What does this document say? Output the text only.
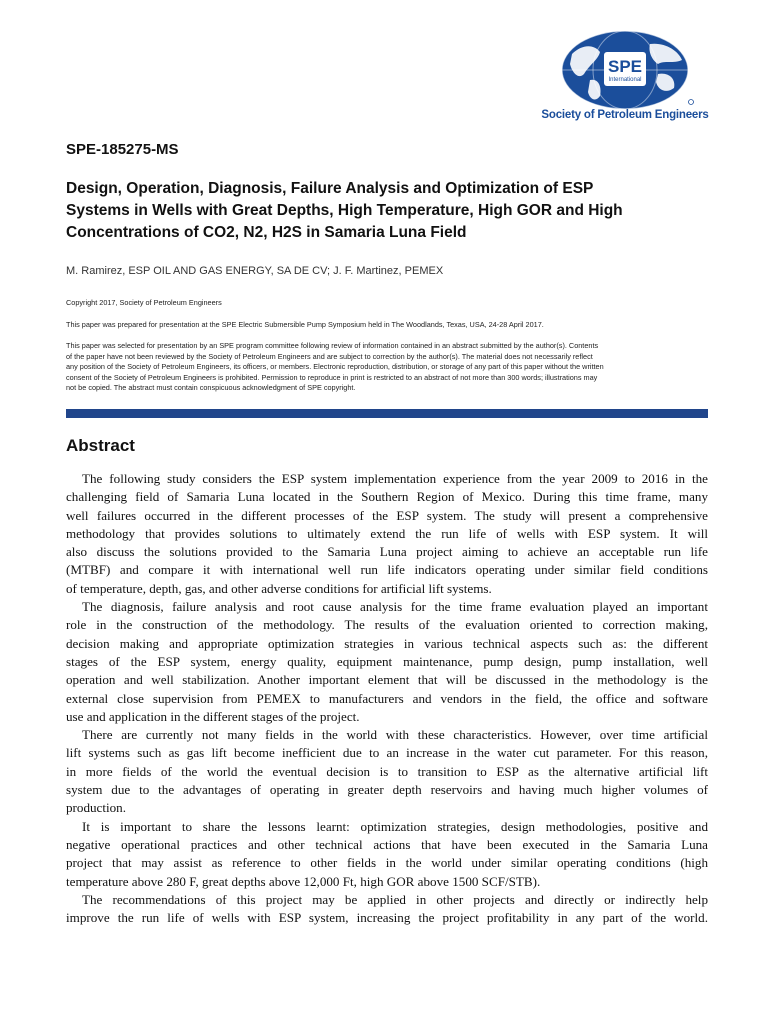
SPE
International
Society of Petroleum Engineers
SPE-185275-MS
Design, Operation, Diagnosis, Failure Analysis and Optimization of ESP
Systems in Wells with Great Depths, High Temperature, High GOR and High
Concentrations of CO2, N2, H2S in Samaria Luna Field
M. Ramirez, ESP OIL AND GAS ENERGY, SA DE CV; J. F. Martinez, PEMEX
Copyright 2017, Society of Petroleum Engineers
This paper was prepared for presentation at the SPE Electric Submersible Pump Symposium held in The Woodlands, Texas, USA, 24-28 April 2017.
This paper was selected for presentation by an SPE program committee following review of information contained in an abstract submitted by the author(s). Contents
of the paper have not been reviewed by the Society of Petroleum Engineers and are subject to correction by the author(s). The material does not necessarily reflect
any position of the Society of Petroleum Engineers, its officers, or members. Electronic reproduction, distribution, or storage of any part of this paper without the written
consent of the Society of Petroleum Engineers is prohibited. Permission to reproduce in print is restricted to an abstract of not more than 300 words; illustrations may
not be copied. The abstract must contain conspicuous acknowledgment of SPE copyright.
Abstract
The following study considers the ESP system implementation experience from the year 2009 to 2016 in the
challenging field of Samaria Luna located in the Southern Region of Mexico. During this time frame, many
well failures occurred in the different processes of the ESP system. The study will present a comprehensive
methodology that provides solutions to ultimately extend the run life of wells with ESP system. It will
also discuss the solutions provided to the Samaria Luna project aiming to achieve an acceptable run life
(MTBF) and compare it with international well run life indicators operating under similar field conditions
of temperature, depth, gas, and other adverse conditions for artificial lift systems.
The diagnosis, failure analysis and root cause analysis for the time frame evaluation played an important
role in the construction of the methodology. The results of the evaluation oriented to correction making,
decision making and appropriate optimization strategies in various technical aspects such as: the different
stages of the ESP system, energy quality, equipment maintenance, pump design, pump installation, well
operation and well stabilization. Another important element that will be discussed in the methodology is the
external close supervision from PEMEX to manufacturers and vendors in the field, the office and software
use and application in the different stages of the project.
There are currently not many fields in the world with these characteristics. However, over time artificial
lift systems such as gas lift become inefficient due to an increase in the water cut parameter. For this reason,
in more fields of the world the eventual decision is to transition to ESP as the alternative artificial lift
system due to the advantages of operating in greater depth reservoirs and having much higher volumes of
production.
It is important to share the lessons learnt: optimization strategies, design methodologies, positive and
negative operational practices and other technical actions that have been executed in the Samaria Luna
project that may assist as reference to other fields in the world under similar operating conditions (high
temperature above 280 F, great depths above 12,000 Ft, high GOR above 1500 SCF/STB).
The recommendations of this project may be applied in other projects and directly or indirectly help
improve the run life of wells with ESP system, increasing the project profitability in any part of the world.
